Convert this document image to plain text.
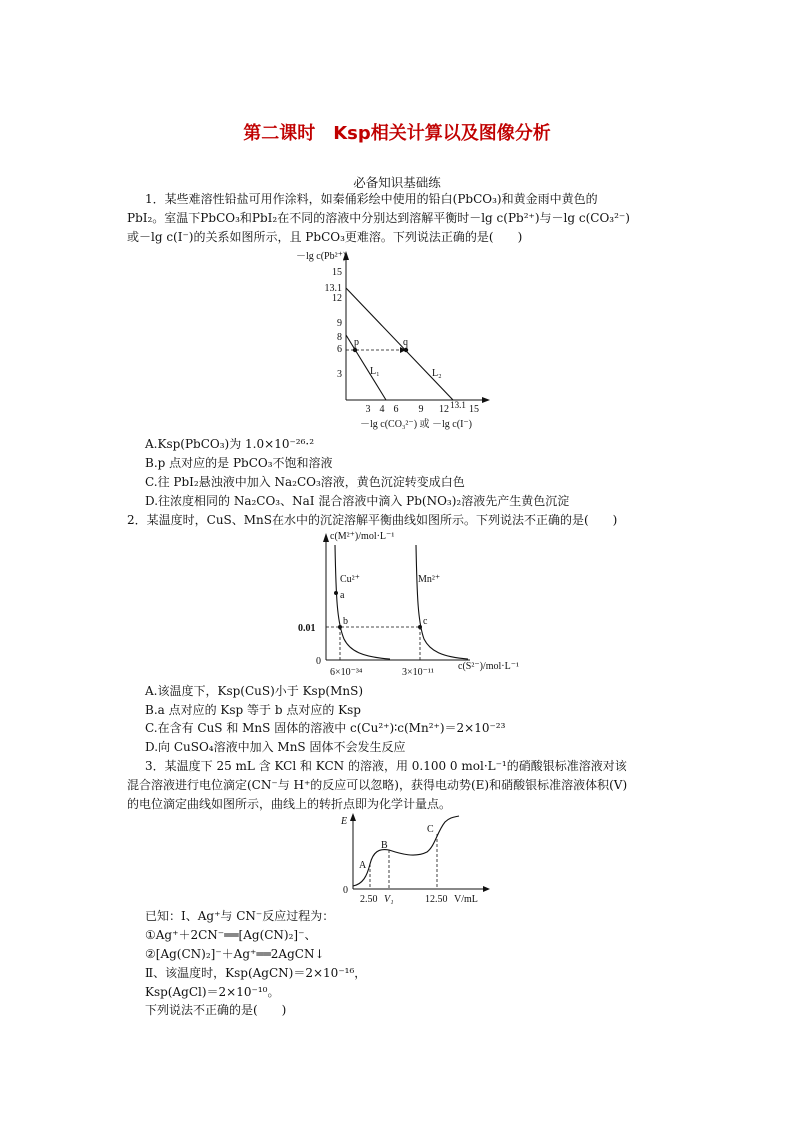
第二课时　Ksp相关计算以及图像分析
必备知识基础练
1．某些难溶性铅盐可用作涂料，如秦俑彩绘中使用的铅白(PbCO₃)和黄金雨中黄色的
PbI₂。室温下PbCO₃和PbI₂在不同的溶液中分别达到溶解平衡时－lg c(Pb²⁺)与－lg c(CO₃²⁻)
或－lg c(I⁻)的关系如图所示，且 PbCO₃更难溶。下列说法正确的是(　　)
－lg c(Pb²⁺)
15
13.1
12
9
8
6
3
3 4 6 9 12 13.1 15
p	q
L₁	L₂
－lg c(CO₃²⁻) 或 －lg c(I⁻)
A.Ksp(PbCO₃)为 1.0×10⁻²⁶·²
B.p 点对应的是 PbCO₃不饱和溶液
C.往 PbI₂悬浊液中加入 Na₂CO₃溶液，黄色沉淀转变成白色
D.往浓度相同的 Na₂CO₃、NaI 混合溶液中滴入 Pb(NO₃)₂溶液先产生黄色沉淀
2．某温度时，CuS、MnS在水中的沉淀溶解平衡曲线如图所示。下列说法不正确的是(　　)
c(M²⁺)/mol·L⁻¹
Cu²⁺	Mn²⁺
a
b	c
0.01
0
6×10⁻³⁴	3×10⁻¹¹
c(S²⁻)/mol·L⁻¹
A.该温度下，Ksp(CuS)小于 Ksp(MnS)
B.a 点对应的 Ksp 等于 b 点对应的 Ksp
C.在含有 CuS 和 MnS 固体的溶液中 c(Cu²⁺)∶c(Mn²⁺)＝2×10⁻²³
D.向 CuSO₄溶液中加入 MnS 固体不会发生反应
3．某温度下 25 mL 含 KCl 和 KCN 的溶液，用 0.100 0 mol·L⁻¹的硝酸银标准溶液对该
混合溶液进行电位滴定(CN⁻与 H⁺的反应可以忽略)，获得电动势(E)和硝酸银标准溶液体积(V)
的电位滴定曲线如图所示，曲线上的转折点即为化学计量点。
E
0
A
B
C
2.50 V₁	12.50 V/mL
已知：Ⅰ、Ag⁺与 CN⁻反应过程为：
①Ag⁺＋2CN⁻══[Ag(CN)₂]⁻、
②[Ag(CN)₂]⁻＋Ag⁺══2AgCN↓
Ⅱ、该温度时，Ksp(AgCN)＝2×10⁻¹⁶，
Ksp(AgCl)＝2×10⁻¹⁰。
下列说法不正确的是(　　)
